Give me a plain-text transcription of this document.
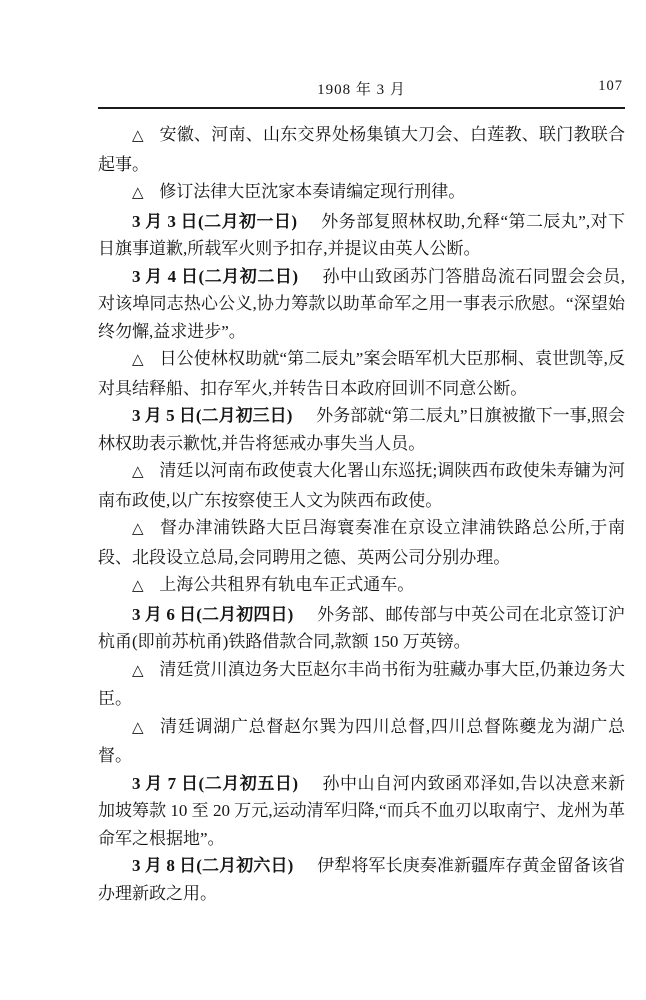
1908 年 3 月	107

△ 安徽、河南、山东交界处杨集镇大刀会、白莲教、联门教联合起事。

△ 修订法律大臣沈家本奏请编定现行刑律。

3 月 3 日(二月初一日) 外务部复照林权助,允释“第二辰丸”,对下日旗事道歉,所载军火则予扣存,并提议由英人公断。

3 月 4 日(二月初二日) 孙中山致函苏门答腊岛流石同盟会会员,对该埠同志热心公义,协力筹款以助革命军之用一事表示欣慰。“深望始终勿懈,益求进步”。

△ 日公使林权助就“第二辰丸”案会晤军机大臣那桐、袁世凯等,反对具结释船、扣存军火,并转告日本政府回训不同意公断。

3 月 5 日(二月初三日) 外务部就“第二辰丸”日旗被撤下一事,照会林权助表示歉忱,并告将惩戒办事失当人员。

△ 清廷以河南布政使袁大化署山东巡抚;调陕西布政使朱寿镛为河南布政使,以广东按察使王人文为陕西布政使。

△ 督办津浦铁路大臣吕海寰奏准在京设立津浦铁路总公所,于南段、北段设立总局,会同聘用之德、英两公司分别办理。

△ 上海公共租界有轨电车正式通车。

3 月 6 日(二月初四日) 外务部、邮传部与中英公司在北京签订沪杭甬(即前苏杭甬)铁路借款合同,款额 150 万英镑。

△ 清廷赏川滇边务大臣赵尔丰尚书衔为驻藏办事大臣,仍兼边务大臣。

△ 清廷调湖广总督赵尔巽为四川总督,四川总督陈夔龙为湖广总督。

3 月 7 日(二月初五日) 孙中山自河内致函邓泽如,告以决意来新加坡筹款 10 至 20 万元,运动清军归降,“而兵不血刃以取南宁、龙州为革命军之根据地”。

3 月 8 日(二月初六日) 伊犁将军长庚奏准新疆库存黄金留备该省办理新政之用。
